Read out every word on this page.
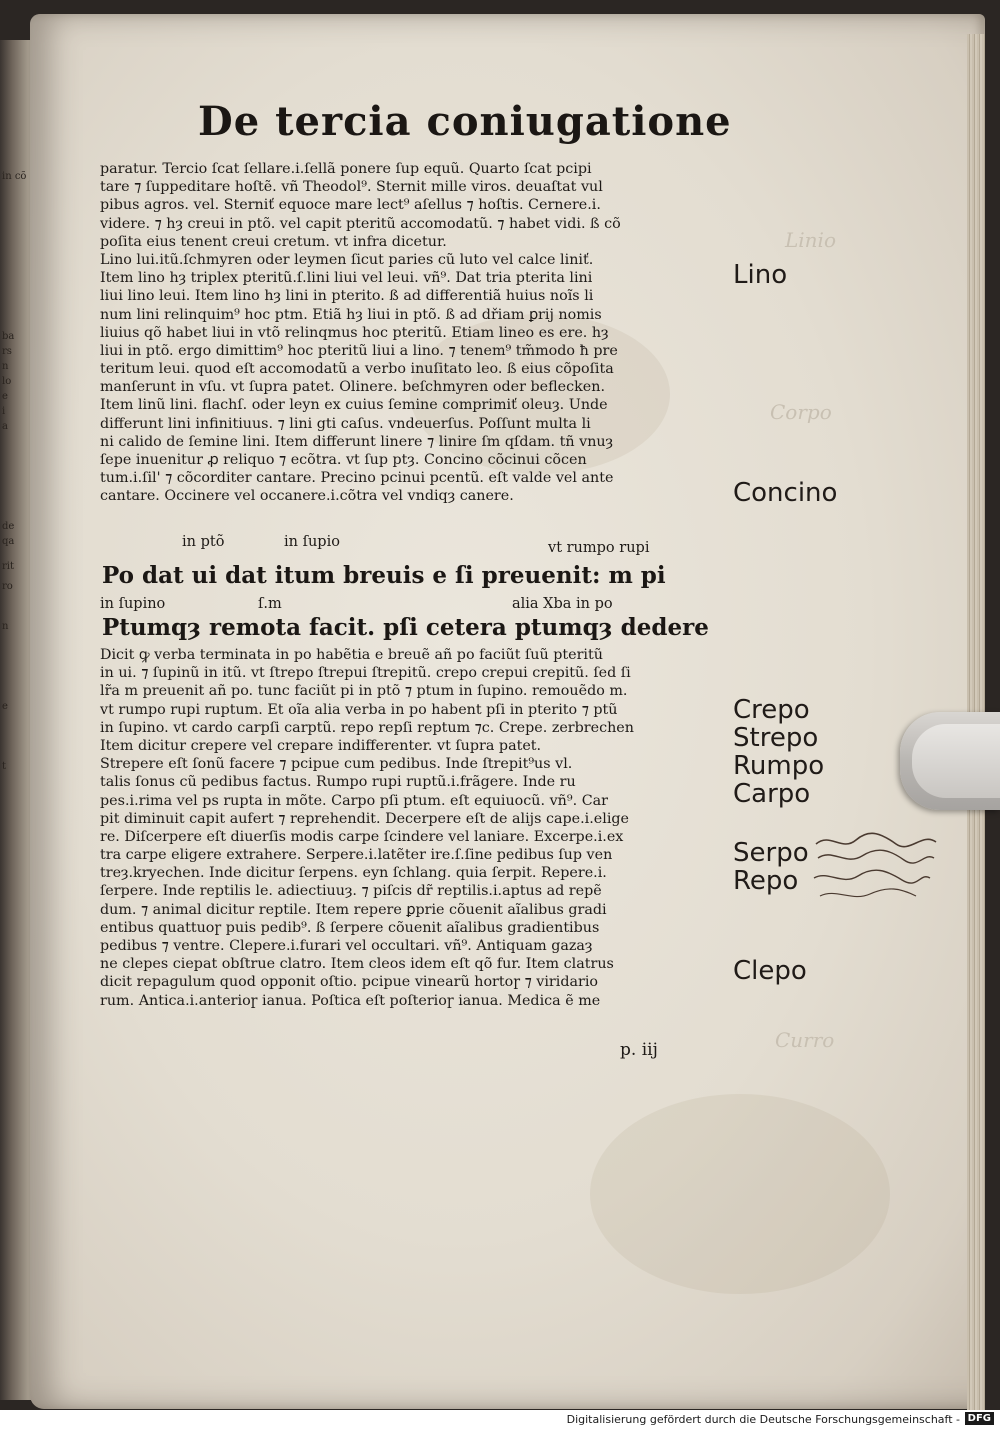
in cõ
ba
rs
n
lo
e
i
a
de
qa
rit
ro
n
e
t
De tercia coniugatione
paratur. Tercio ſcat ſellare.i.ſellã ponere ſup equũ. Quarto ſcat pcipi
tare ⁊ ſuppeditare hoſtẽ. vñ Theodol⁹. Sternit mille viros. deuaſtat vul
pibus agros. vel. Sterniť equoce mare lect⁹ aſellus ⁊ hoſtis. Cernere.i.
videre. ⁊ hȝ creui in ptõ. vel capit pteritũ accomodatũ. ⁊ habet vidi. ß cõ
poſita eius tenent creui cretum. vt infra dicetur.
Lino lui.itũ.ſchmyren oder leymen ſicut paries cũ luto vel calce liniť.
Item lino hȝ triplex pteritũ.ſ.lini liui vel leui. vñ⁹. Dat tria pterita lini
liui lino leui. Item lino hȝ lini in pterito. ß ad differentiã huius noĩs li
num lini relinquim⁹ hoc ptm. Etiã hȝ liui in ptõ. ß ad dřiam ꝑrij nomis
liuius qõ habet liui in vtõ relinqmus hoc pteritũ. Etiam lineo es ere. hȝ
liui in ptõ. ergo dimittim⁹ hoc pteritũ liui a lino. ⁊ tenem⁹ tm̃modo ħ pre
teritum leui. quod eſt accomodatũ a verbo inuſitato leo. ß eius cõpoſita
manſerunt in vſu. vt ſupra patet. Olinere. beſchmyren oder beflecken.
Item linũ lini. flachſ. oder leyn ex cuius ſemine comprimiť oleuȝ. Unde
differunt lini infinitiuus. ⁊ lini gti caſus. vndeuerſus. Poſſunt multa li
ni calido de ſemine lini. Item differunt linere ⁊ linire ſm qſdam. tñ vnuȝ
ſepe inuenitur ꝓ reliquo ⁊ ecõtra. vt ſup ptȝ. Concino cõcinui cõcen
tum.i.ſil' ⁊ cõcorditer cantare. Precino pcinui pcentũ. eſt valde vel ante
cantare. Occinere vel occanere.i.cõtra vel vndiqȝ canere.
in ptõ	in ſupio	vt rumpo rupi
Po dat ui dat itum breuis e ſi preuenit: m pi
in ſupino	ſ.m	alia Xba in po
Ptumqȝ remota facit. pſi cetera ptumqȝ dedere
Dicit ꝙ verba terminata in po habẽtia e breuẽ añ po faciũt ſuũ pteritũ
in ui. ⁊ ſupinũ in itũ. vt ſtrepo ſtrepui ſtrepitũ. crepo crepui crepitũ. ſed ſi
lr̃a m preuenit añ po. tunc faciũt pi in ptõ ⁊ ptum in ſupino. remouẽdo m.
vt rumpo rupi ruptum. Et oĩa alia verba in po habent pſi in pterito ⁊ ptũ
in ſupino. vt cardo carpſi carptũ. repo repſi reptum ⁊c. Crepe. zerbrechen
Item dicitur crepere vel crepare indifferenter. vt ſupra patet.
Strepere eſt ſonũ facere ⁊ pcipue cum pedibus. Inde ſtrepit⁹us vl.
talis ſonus cũ pedibus factus. Rumpo rupi ruptũ.i.frãgere. Inde ru
pes.i.rima vel ps rupta in mõte. Carpo pſi ptum. eſt equiuocũ. vñ⁹. Car
pit diminuit capit aufert ⁊ reprehendit. Decerpere eſt de alijs cape.i.elige
re. Diſcerpere eſt diuerſis modis carpe ſcindere vel laniare. Excerpe.i.ex
tra carpe eligere extrahere. Serpere.i.latẽter ire.ſ.ſine pedibus ſup ven
treȝ.kryechen. Inde dicitur ſerpens. eyn ſchlang. quia ſerpit. Repere.i.
ſerpere. Inde reptilis le. adiectiuuȝ. ⁊ piſcis dr̃ reptilis.i.aptus ad repẽ
dum. ⁊ animal dicitur reptile. Item repere ꝑprie cõuenit aĩalibus gradi
entibus quattuoɼ puis pedib⁹. ß ſerpere cõuenit aĩalibus gradientibus
pedibus ⁊ ventre. Clepere.i.furari vel occultari. vñ⁹. Antiquam gazaȝ
ne clepes ciepat obſtrue clatro. Item cleos idem eſt qõ fur. Item clatrus
dicit repagulum quod opponit oſtio. pcipue vinearũ hortoɼ ⁊ viridario
rum. Antica.i.anterioɼ ianua. Poſtica eſt poſterioɼ ianua. Medica ẽ me
p. iij
Lino
Concino
Crepo
Strepo
Rumpo
Carpo
Serpo
Repo
Clepo
Linio
Corpo
Curro
Digitalisierung gefördert durch die Deutsche Forschungsgemeinschaft - DFG
